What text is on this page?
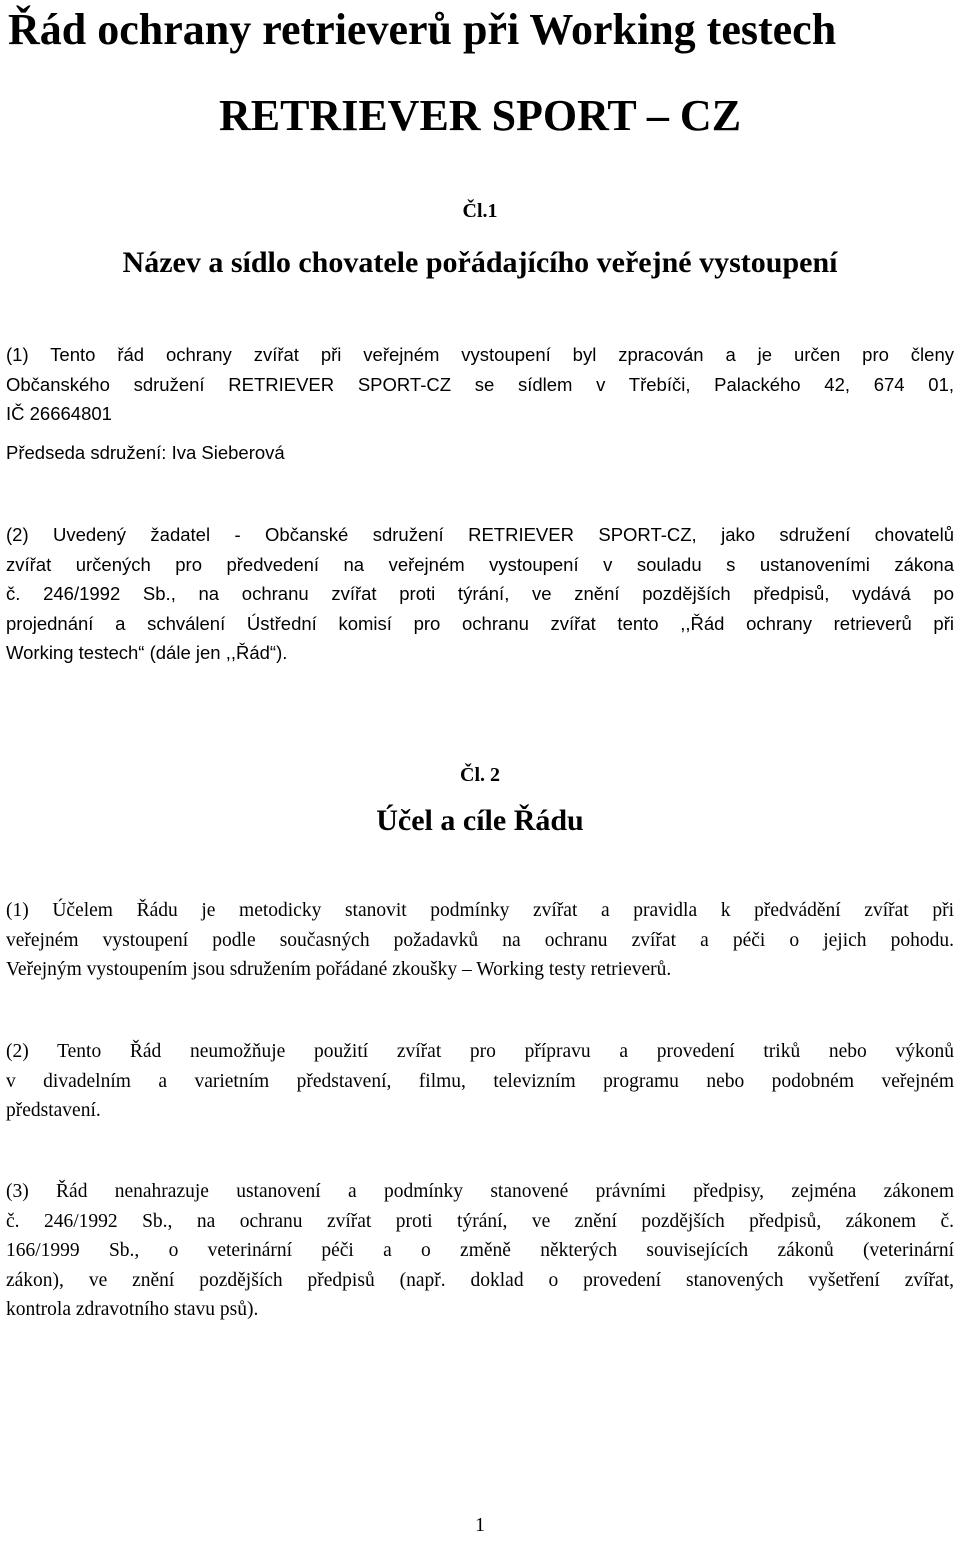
Řád ochrany retrieverů při Working testech
RETRIEVER SPORT – CZ
Čl.1
Název a sídlo chovatele pořádajícího veřejné vystoupení
(1) Tento řád ochrany zvířat při veřejném vystoupení byl zpracován a je určen pro členy
Občanského sdružení RETRIEVER SPORT-CZ se sídlem v Třebíči, Palackého 42, 674 01,
IČ 26664801
Předseda sdružení: Iva Sieberová
(2) Uvedený žadatel - Občanské sdružení RETRIEVER SPORT-CZ, jako sdružení chovatelů
zvířat určených pro předvedení na veřejném vystoupení v souladu s ustanoveními zákona
č. 246/1992 Sb., na ochranu zvířat proti týrání, ve znění pozdějších předpisů, vydává po
projednání a schválení Ústřední komisí pro ochranu zvířat tento ,,Řád ochrany retrieverů při
Working testech“ (dále jen ,,Řád“).
Čl. 2
Účel a cíle Řádu
(1) Účelem Řádu je metodicky stanovit podmínky zvířat a pravidla k předvádění zvířat při
veřejném vystoupení podle současných požadavků na ochranu zvířat a péči o jejich pohodu.
Veřejným vystoupením jsou sdružením pořádané zkoušky – Working testy retrieverů.
(2) Tento Řád neumožňuje použití zvířat pro přípravu a provedení triků nebo výkonů
v divadelním a varietním představení, filmu, televizním programu nebo podobném veřejném
představení.
(3) Řád nenahrazuje ustanovení a podmínky stanovené právními předpisy, zejména zákonem
č. 246/1992 Sb., na ochranu zvířat proti týrání, ve znění pozdějších předpisů, zákonem č.
166/1999 Sb., o veterinární péči a o změně některých souvisejících zákonů (veterinární
zákon), ve znění pozdějších předpisů (např. doklad o provedení stanovených vyšetření zvířat,
kontrola zdravotního stavu psů).
1
